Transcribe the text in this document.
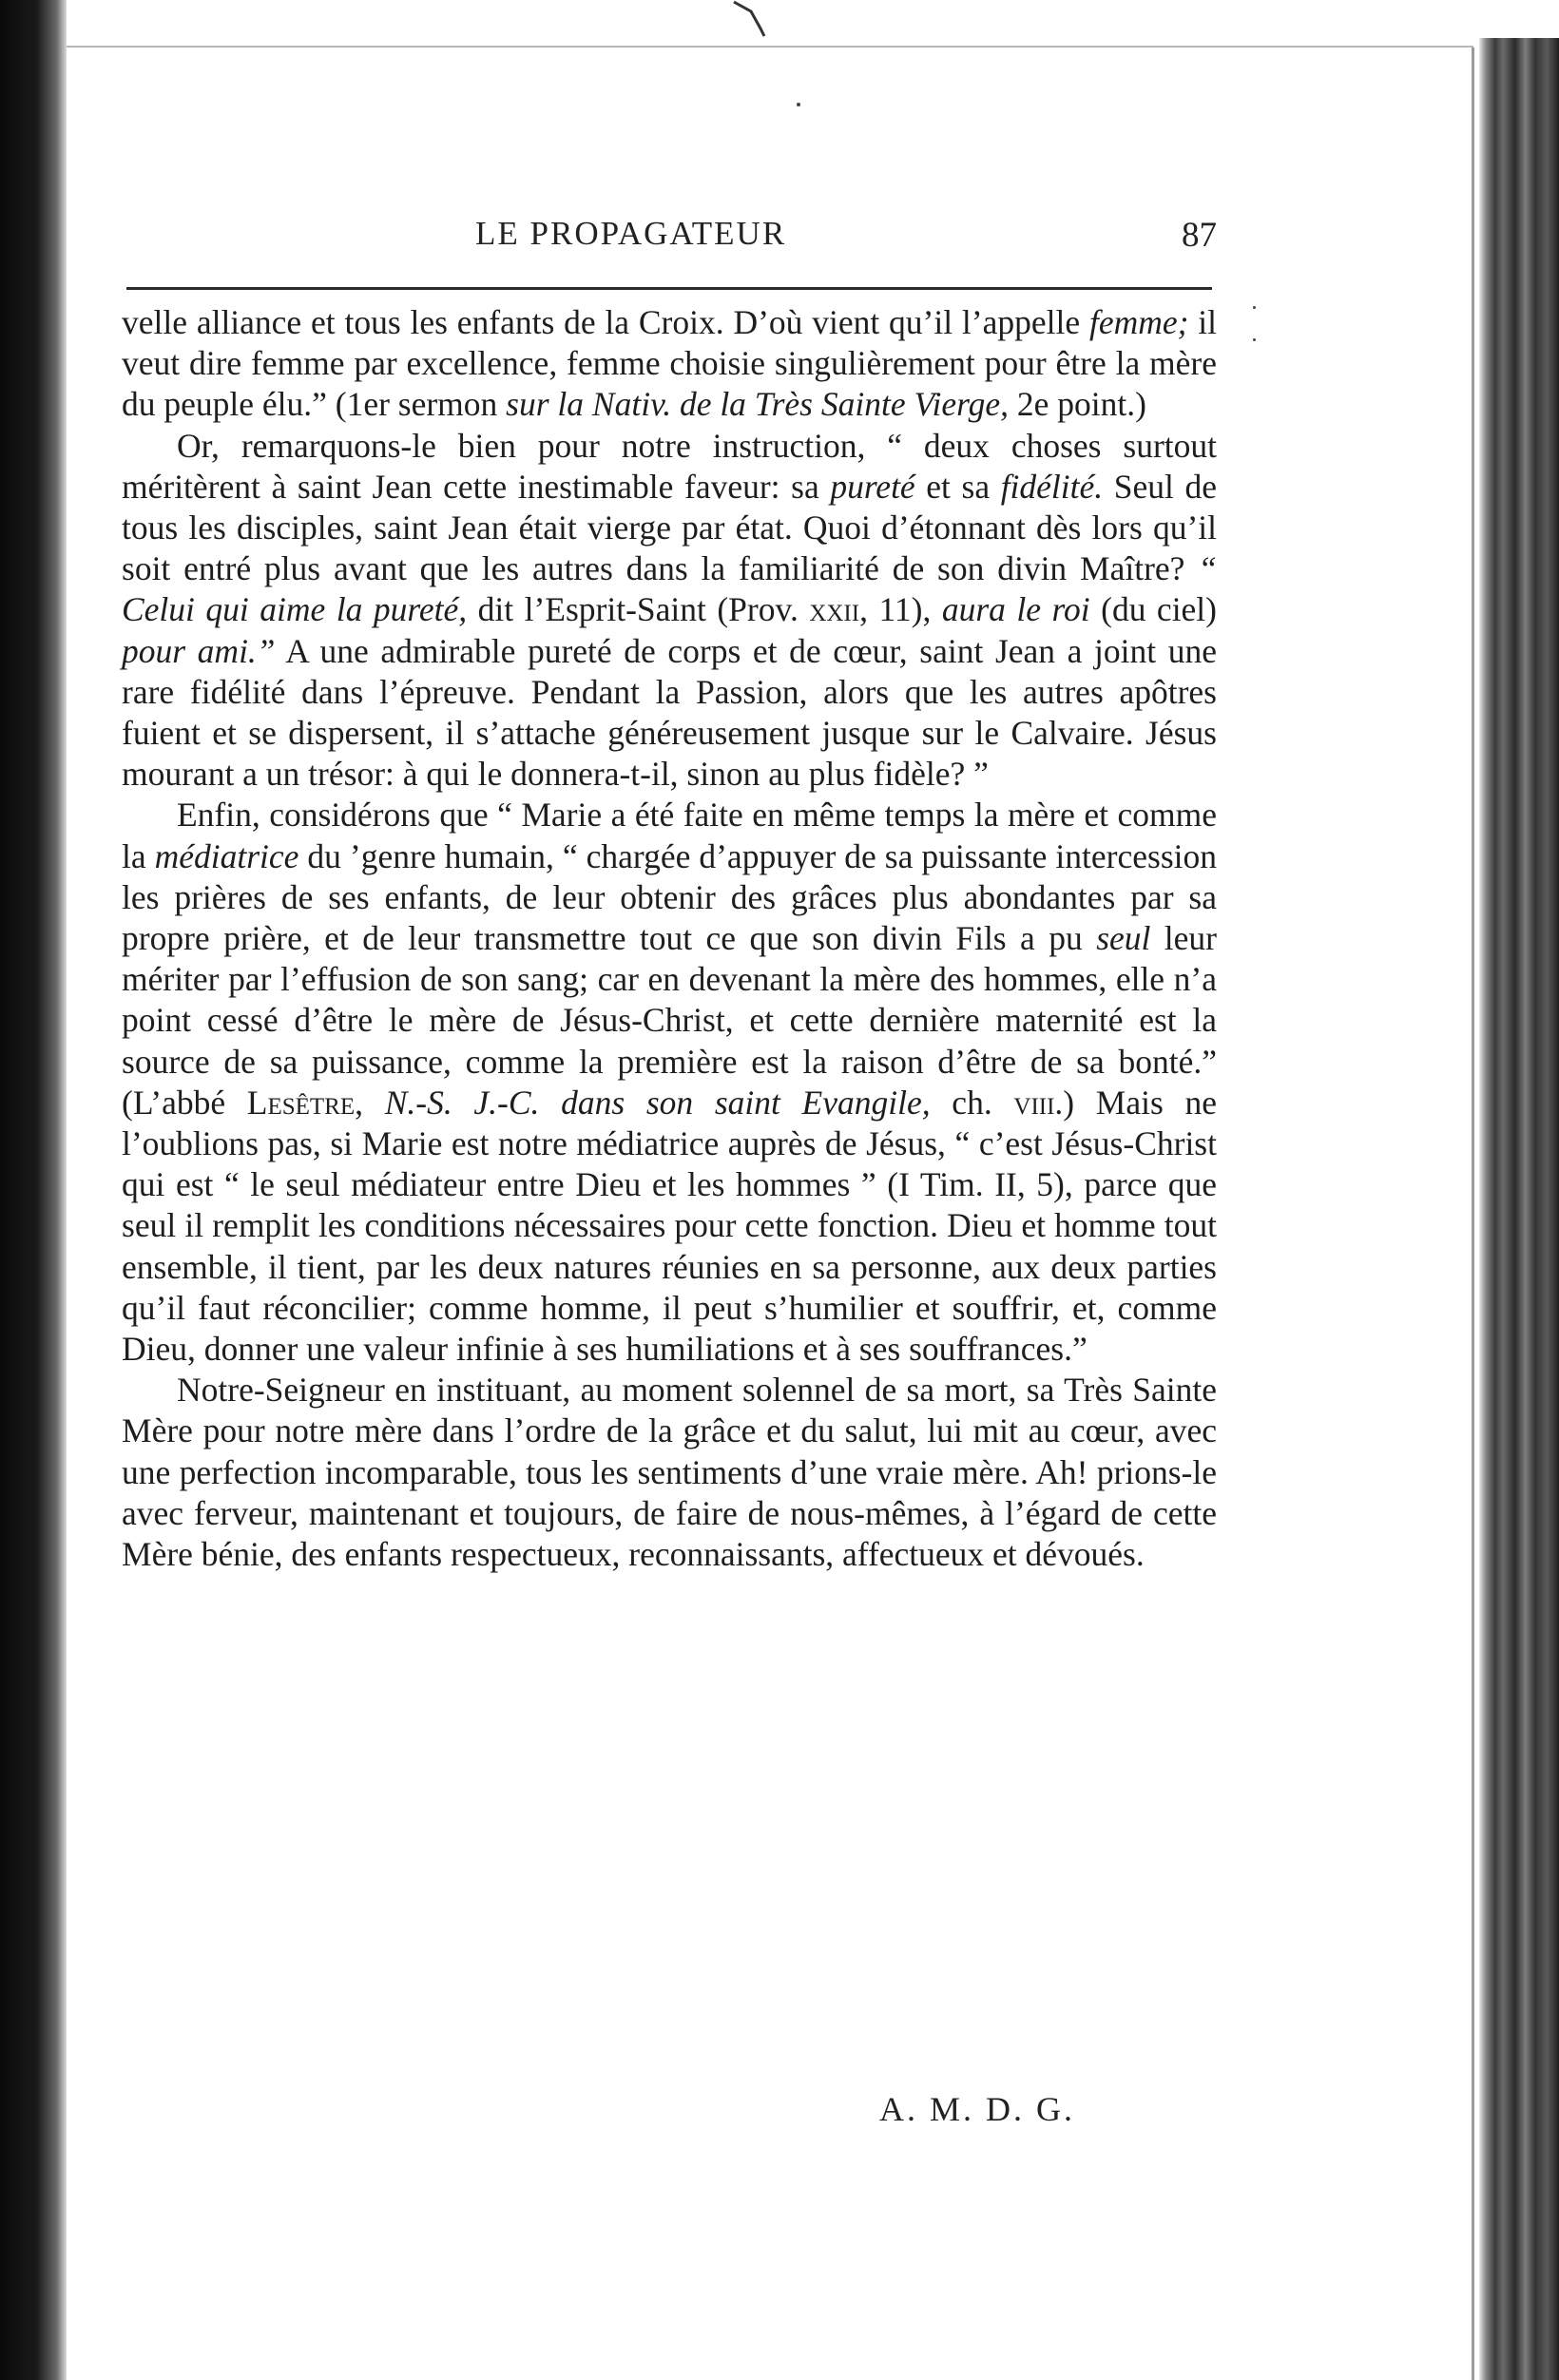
LE PROPAGATEUR	87

velle alliance et tous les enfants de la Croix. D’où vient qu’il l’appelle femme; il veut dire femme par excellence, femme choisie singulièrement pour être la mère du peuple élu.” (1er sermon sur la Nativ. de la Très Sainte Vierge, 2e point.)

Or, remarquons-le bien pour notre instruction, “ deux choses surtout méritèrent à saint Jean cette inestimable faveur: sa pureté et sa fidélité. Seul de tous les disciples, saint Jean était vierge par état. Quoi d’étonnant dès lors qu’il soit entré plus avant que les autres dans la familiarité de son divin Maître? “ Celui qui aime la pureté, dit l’Esprit-Saint (Prov. xxii, 11), aura le roi (du ciel) pour ami.” A une admirable pureté de corps et de cœur, saint Jean a joint une rare fidélité dans l’épreuve. Pendant la Passion, alors que les autres apôtres fuient et se dispersent, il s’attache généreusement jusque sur le Calvaire. Jésus mourant a un trésor: à qui le donnera-t-il, sinon au plus fidèle? ”

Enfin, considérons que “ Marie a été faite en même temps la mère et comme la médiatrice du ’genre humain, “ chargée d’appuyer de sa puissante intercession les prières de ses enfants, de leur obtenir des grâces plus abondantes par sa propre prière, et de leur transmettre tout ce que son divin Fils a pu seul leur mériter par l’effusion de son sang; car en devenant la mère des hommes, elle n’a point cessé d’être le mère de Jésus-Christ, et cette dernière maternité est la source de sa puissance, comme la première est la raison d’être de sa bonté.” (L’abbé Lesêtre, N.-S. J.-C. dans son saint Evangile, ch. viii.) Mais ne l’oublions pas, si Marie est notre médiatrice auprès de Jésus, “ c’est Jésus-Christ qui est “ le seul médiateur entre Dieu et les hommes ” (I Tim. II, 5), parce que seul il remplit les conditions nécessaires pour cette fonction. Dieu et homme tout ensemble, il tient, par les deux natures réunies en sa personne, aux deux parties qu’il faut réconcilier; comme homme, il peut s’humilier et souffrir, et, comme Dieu, donner une valeur infinie à ses humiliations et à ses souffrances.”

Notre-Seigneur en instituant, au moment solennel de sa mort, sa Très Sainte Mère pour notre mère dans l’ordre de la grâce et du salut, lui mit au cœur, avec une perfection incomparable, tous les sentiments d’une vraie mère. Ah! prions-le avec ferveur, maintenant et toujours, de faire de nous-mêmes, à l’égard de cette Mère bénie, des enfants respectueux, reconnaissants, affectueux et dévoués.

A. M. D. G.
